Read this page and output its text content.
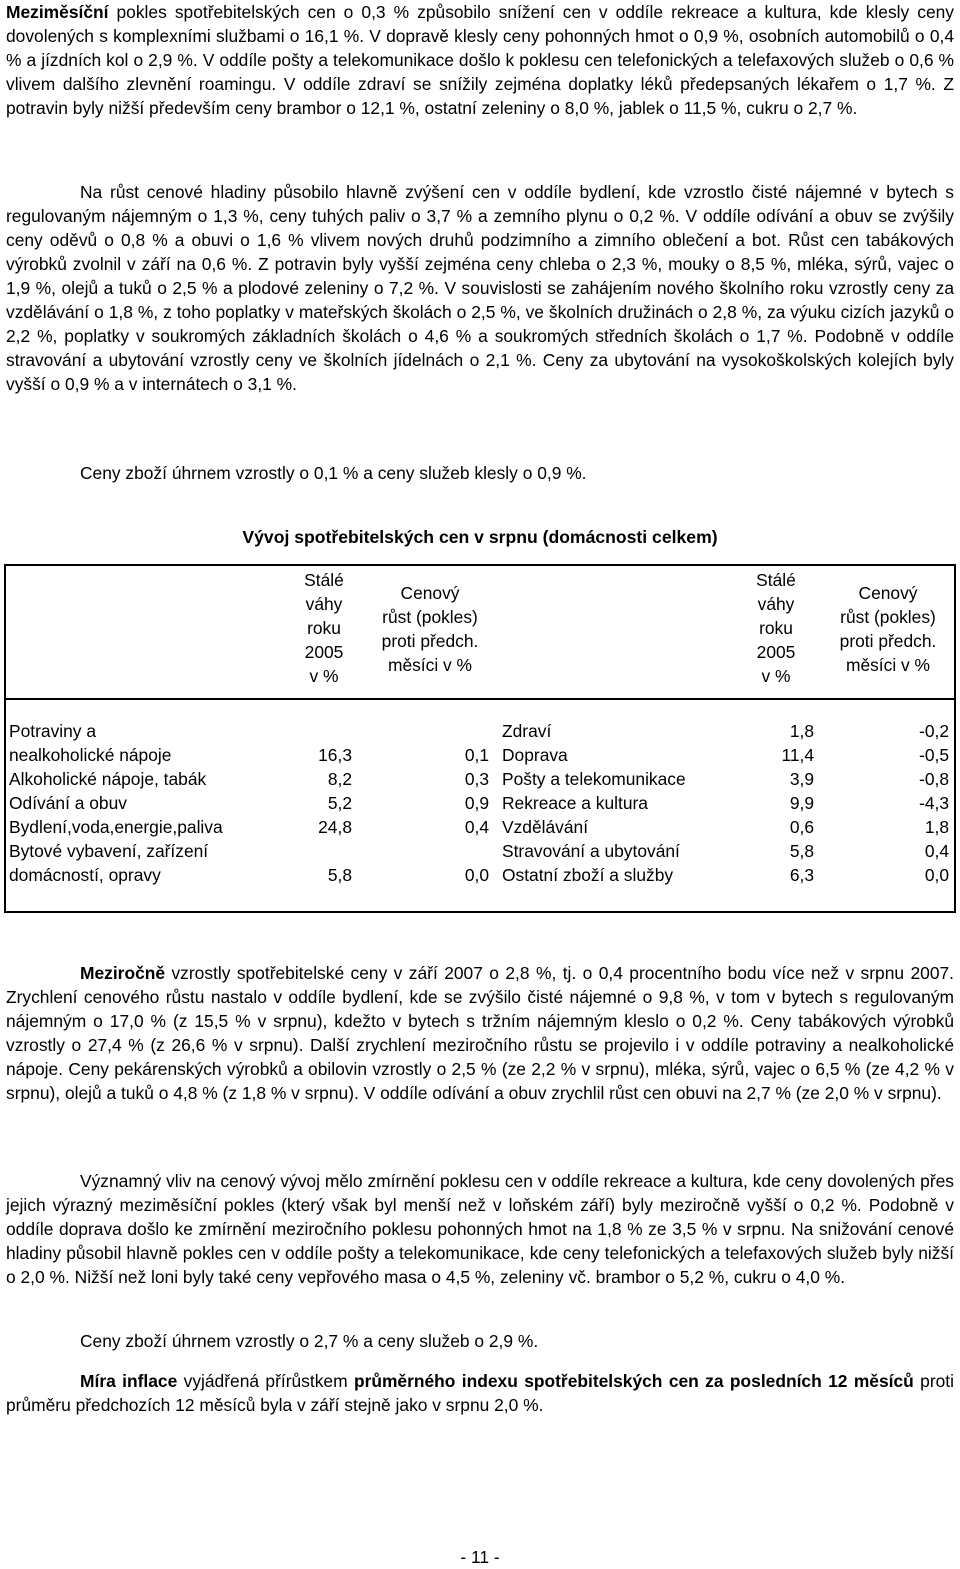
Meziměsíční pokles spotřebitelských cen o 0,3 % způsobilo snížení cen v oddíle rekreace a kultura, kde klesly ceny dovolených s komplexními službami o 16,1 %. V dopravě klesly ceny pohonných hmot o 0,9 %, osobních automobilů o 0,4 % a jízdních kol o 2,9 %. V oddíle pošty a telekomunikace došlo k poklesu cen telefonických a telefaxových služeb o 0,6 % vlivem dalšího zlevnění roamingu. V oddíle zdraví se snížily zejména doplatky léků předepsaných lékařem o 1,7 %. Z potravin byly nižší především ceny brambor o 12,1 %, ostatní zeleniny o 8,0 %, jablek o 11,5 %, cukru o 2,7 %.

Na růst cenové hladiny působilo hlavně zvýšení cen v oddíle bydlení, kde vzrostlo čisté nájemné v bytech s regulovaným nájemným o 1,3 %, ceny tuhých paliv o 3,7 % a zemního plynu o 0,2 %. V oddíle odívání a obuv se zvýšily ceny oděvů o 0,8 % a obuvi o 1,6 % vlivem nových druhů podzimního a zimního oblečení a bot. Růst cen tabákových výrobků zvolnil v září na 0,6 %. Z potravin byly vyšší zejména ceny chleba o 2,3 %, mouky o 8,5 %, mléka, sýrů, vajec o 1,9 %, olejů a tuků o 2,5 % a plodové zeleniny o 7,2 %. V souvislosti se zahájením nového školního roku vzrostly ceny za vzdělávání o 1,8 %, z toho poplatky v mateřských školách o 2,5 %, ve školních družinách o 2,8 %, za výuku cizích jazyků o 2,2 %, poplatky v soukromých základních školách o 4,6 % a soukromých středních školách o 1,7 %. Podobně v oddíle stravování a ubytování vzrostly ceny ve školních jídelnách o 2,1 %. Ceny za ubytování na vysokoškolských kolejích byly vyšší o 0,9 % a v internátech o 3,1 %.

Ceny zboží úhrnem vzrostly o 0,1 % a ceny služeb klesly o 0,9 %.

Vývoj spotřebitelských cen v srpnu (domácnosti celkem)
Stálé
váhy
roku
2005
v %
Cenový
růst (pokles)
proti předch.
měsíci v %
Stálé
váhy
roku
2005
v %
Cenový
růst (pokles)
proti předch.
měsíci v %
Potraviny a
nealkoholické nápoje
Alkoholické nápoje, tabák
Odívání a obuv
Bydlení,voda,energie,paliva
Bytové vybavení, zařízení
domácností, opravy
16,3
8,2
5,2
24,8
5,8
0,1
0,3
0,9
0,4
0,0
Zdraví
Doprava
Pošty a telekomunikace
Rekreace a kultura
Vzdělávání
Stravování a ubytování
Ostatní zboží a služby
1,8
11,4
3,9
9,9
0,6
5,8
6,3
-0,2
-0,5
-0,8
-4,3
1,8
0,4
0,0

Meziročně vzrostly spotřebitelské ceny v září 2007 o 2,8 %, tj. o 0,4 procentního bodu více než v srpnu 2007. Zrychlení cenového růstu nastalo v oddíle bydlení, kde se zvýšilo čisté nájemné o 9,8 %, v tom v bytech s regulovaným nájemným o 17,0 % (z 15,5 % v srpnu), kdežto v bytech s tržním nájemným kleslo o 0,2 %. Ceny tabákových výrobků vzrostly o 27,4 % (z 26,6 % v srpnu). Další zrychlení meziročního růstu se projevilo i v oddíle potraviny a nealkoholické nápoje. Ceny pekárenských výrobků a obilovin vzrostly o 2,5 % (ze 2,2 % v srpnu), mléka, sýrů, vajec o 6,5 % (ze 4,2 % v srpnu), olejů a tuků o 4,8 % (z 1,8 % v srpnu). V oddíle odívání a obuv zrychlil růst cen obuvi na 2,7 % (ze 2,0 % v srpnu).

Významný vliv na cenový vývoj mělo zmírnění poklesu cen v oddíle rekreace a kultura, kde ceny dovolených přes jejich výrazný meziměsíční pokles (který však byl menší než v loňském září) byly meziročně vyšší o 0,2 %. Podobně v oddíle doprava došlo ke zmírnění meziročního poklesu pohonných hmot na 1,8 % ze 3,5 % v srpnu. Na snižování cenové hladiny působil hlavně pokles cen v oddíle pošty a telekomunikace, kde ceny telefonických a telefaxových služeb byly nižší o 2,0 %. Nižší než loni byly také ceny vepřového masa o 4,5 %, zeleniny vč. brambor o 5,2 %, cukru o 4,0 %.

Ceny zboží úhrnem vzrostly o 2,7 % a ceny služeb o 2,9 %.

Míra inflace vyjádřená přírůstkem průměrného indexu spotřebitelských cen za posledních 12 měsíců proti průměru předchozích 12 měsíců byla v září stejně jako v srpnu 2,0 %.

- 11 -
